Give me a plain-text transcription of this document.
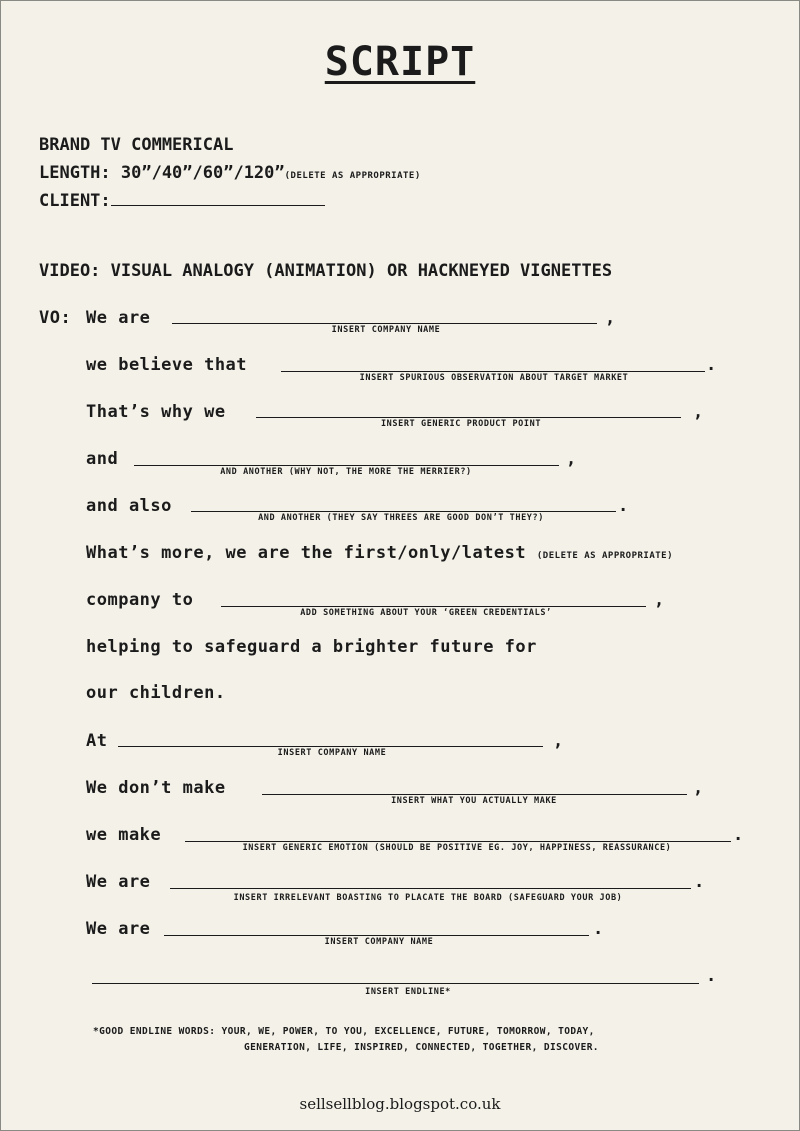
SCRIPT
BRAND TV COMMERICAL
LENGTH: 30”/40”/60”/120”(DELETE AS APPROPRIATE)
CLIENT:
VIDEO: VISUAL ANALOGY (ANIMATION) OR HACKNEYED VIGNETTES
VO: We are
INSERT COMPANY NAME
,
we believe that
INSERT SPURIOUS OBSERVATION ABOUT TARGET MARKET
.
That’s why we
INSERT GENERIC PRODUCT POINT
,
and
AND ANOTHER (WHY NOT, THE MORE THE MERRIER?)
,
and also
AND ANOTHER (THEY SAY THREES ARE GOOD DON’T THEY?)
.
What’s more, we are the first/only/latest (DELETE AS APPROPRIATE)
company to
ADD SOMETHING ABOUT YOUR ‘GREEN CREDENTIALS’
,
helping to safeguard a brighter future for
our children.
At
INSERT COMPANY NAME
,
We don’t make
INSERT WHAT YOU ACTUALLY MAKE
,
we make
INSERT GENERIC EMOTION (SHOULD BE POSITIVE EG. JOY, HAPPINESS, REASSURANCE)
.
We are
INSERT IRRELEVANT BOASTING TO PLACATE THE BOARD (SAFEGUARD YOUR JOB)
.
We are
INSERT COMPANY NAME
.
INSERT ENDLINE*
.
*GOOD ENDLINE WORDS: YOUR, WE, POWER, TO YOU, EXCELLENCE, FUTURE, TOMORROW, TODAY,
GENERATION, LIFE, INSPIRED, CONNECTED, TOGETHER, DISCOVER.
sellsellblog.blogspot.co.uk
